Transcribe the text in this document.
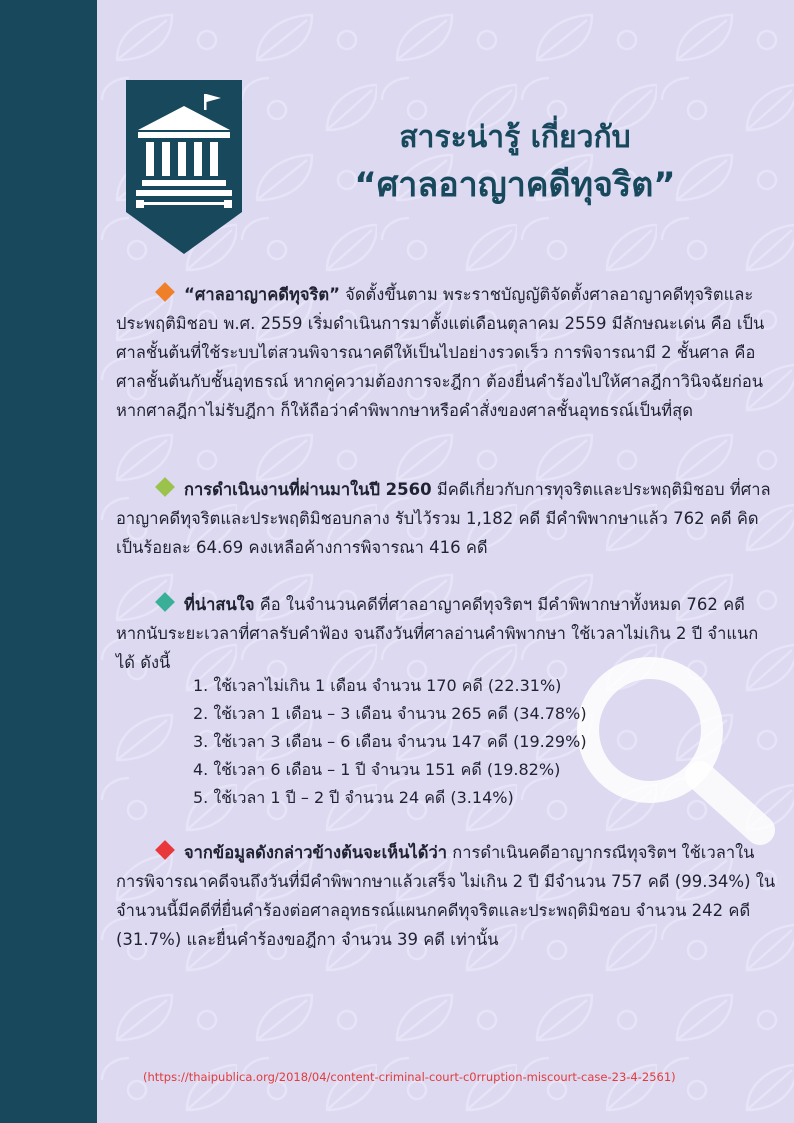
สาระน่ารู้ เกี่ยวกับ
“ศาลอาญาคดีทุจริต”

“ศาลอาญาคดีทุจริต” จัดตั้งขึ้นตาม พระราชบัญญัติจัดตั้งศาลอาญาคดีทุจริตและประพฤติมิชอบ พ.ศ. 2559 เริ่มดำเนินการมาตั้งแต่เดือนตุลาคม 2559 มีลักษณะเด่น คือ เป็นศาลชั้นต้นที่ใช้ระบบไต่สวนพิจารณาคดีให้เป็นไปอย่างรวดเร็ว การพิจารณามี 2 ชั้นศาล คือ ศาลชั้นต้นกับชั้นอุทธรณ์ หากคู่ความต้องการจะฎีกา ต้องยื่นคำร้องไปให้ศาลฎีกาวินิจฉัยก่อน หากศาลฎีกาไม่รับฎีกา ก็ให้ถือว่าคำพิพากษาหรือคำสั่งของศาลชั้นอุทธรณ์เป็นที่สุด

การดำเนินงานที่ผ่านมาในปี 2560 มีคดีเกี่ยวกับการทุจริตและประพฤติมิชอบ ที่ศาลอาญาคดีทุจริตและประพฤติมิชอบกลาง รับไว้รวม 1,182 คดี มีคำพิพากษาแล้ว 762 คดี คิดเป็นร้อยละ 64.69 คงเหลือค้างการพิจารณา 416 คดี

ที่น่าสนใจ คือ ในจำนวนคดีที่ศาลอาญาคดีทุจริตฯ มีคำพิพากษาทั้งหมด 762 คดี หากนับระยะเวลาที่ศาลรับคำฟ้อง จนถึงวันที่ศาลอ่านคำพิพากษา ใช้เวลาไม่เกิน 2 ปี จำแนกได้ ดังนี้

1. ใช้เวลาไม่เกิน 1 เดือน จำนวน 170 คดี (22.31%)
2. ใช้เวลา 1 เดือน – 3 เดือน จำนวน 265 คดี (34.78%)
3. ใช้เวลา 3 เดือน – 6 เดือน จำนวน 147 คดี (19.29%)
4. ใช้เวลา 6 เดือน – 1 ปี จำนวน 151 คดี (19.82%)
5. ใช้เวลา 1 ปี – 2 ปี จำนวน 24 คดี (3.14%)

จากข้อมูลดังกล่าวข้างต้นจะเห็นได้ว่า การดำเนินคดีอาญากรณีทุจริตฯ ใช้เวลาในการพิจารณาคดีจนถึงวันที่มีคำพิพากษาแล้วเสร็จ ไม่เกิน 2 ปี มีจำนวน 757 คดี (99.34%) ในจำนวนนี้มีคดีที่ยื่นคำร้องต่อศาลอุทธรณ์แผนกคดีทุจริตและประพฤติมิชอบ จำนวน 242 คดี (31.7%) และยื่นคำร้องขอฎีกา จำนวน 39 คดี เท่านั้น

(https://thaipublica.org/2018/04/content-criminal-court-c0rruption-miscourt-case-23-4-2561)
